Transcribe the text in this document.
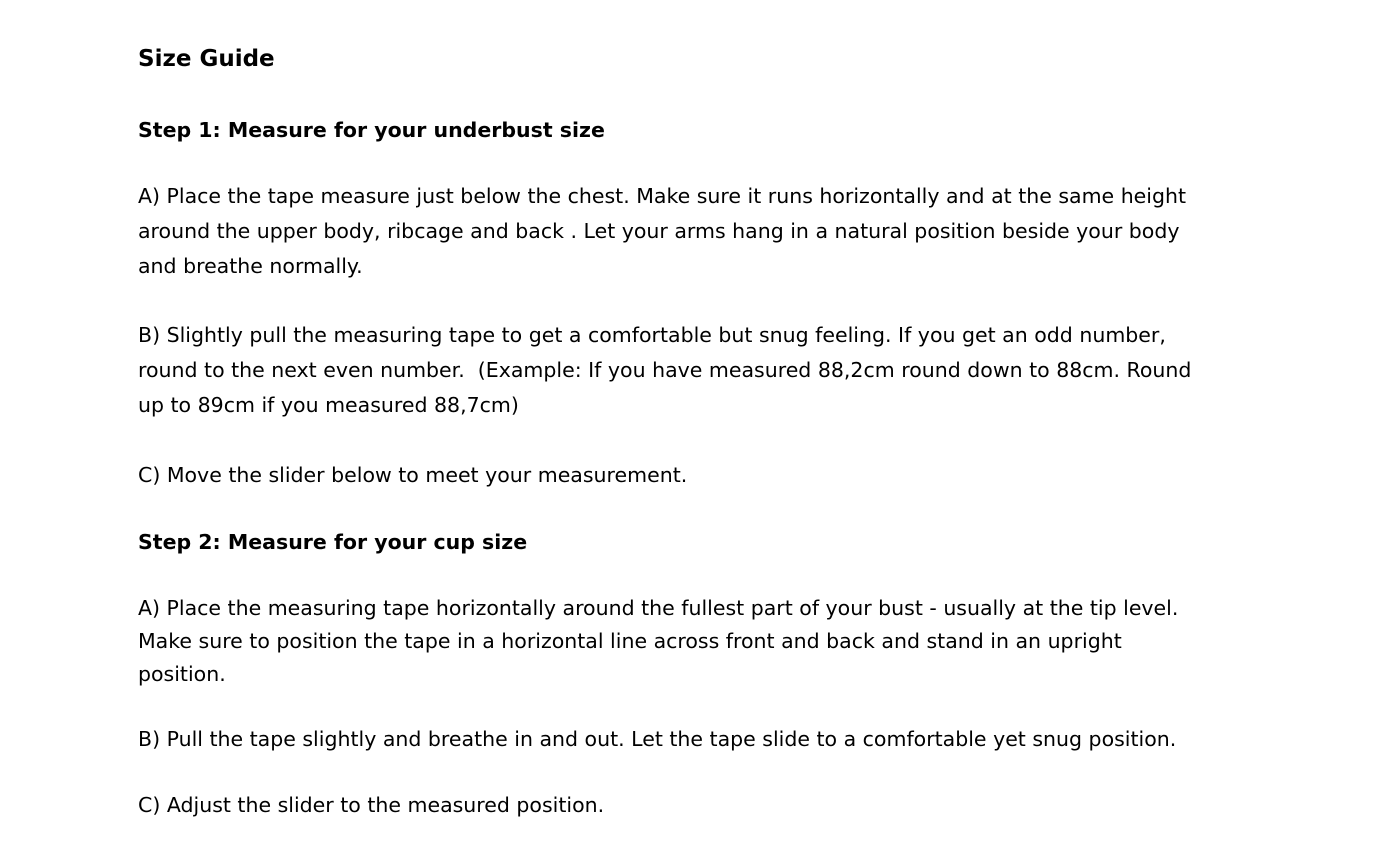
Size Guide
Step 1: Measure for your underbust size

A) Place the tape measure just below the chest. Make sure it runs horizontally and at the same height
around the upper body, ribcage and back . Let your arms hang in a natural position beside your body
and breathe normally.

B) Slightly pull the measuring tape to get a comfortable but snug feeling. If you get an odd number,
round to the next even number.  (Example: If you have measured 88,2cm round down to 88cm. Round
up to 89cm if you measured 88,7cm)

C) Move the slider below to meet your measurement.

Step 2: Measure for your cup size

A) Place the measuring tape horizontally around the fullest part of your bust - usually at the tip level.
Make sure to position the tape in a horizontal line across front and back and stand in an upright
position.

B) Pull the tape slightly and breathe in and out. Let the tape slide to a comfortable yet snug position.

C) Adjust the slider to the measured position.
